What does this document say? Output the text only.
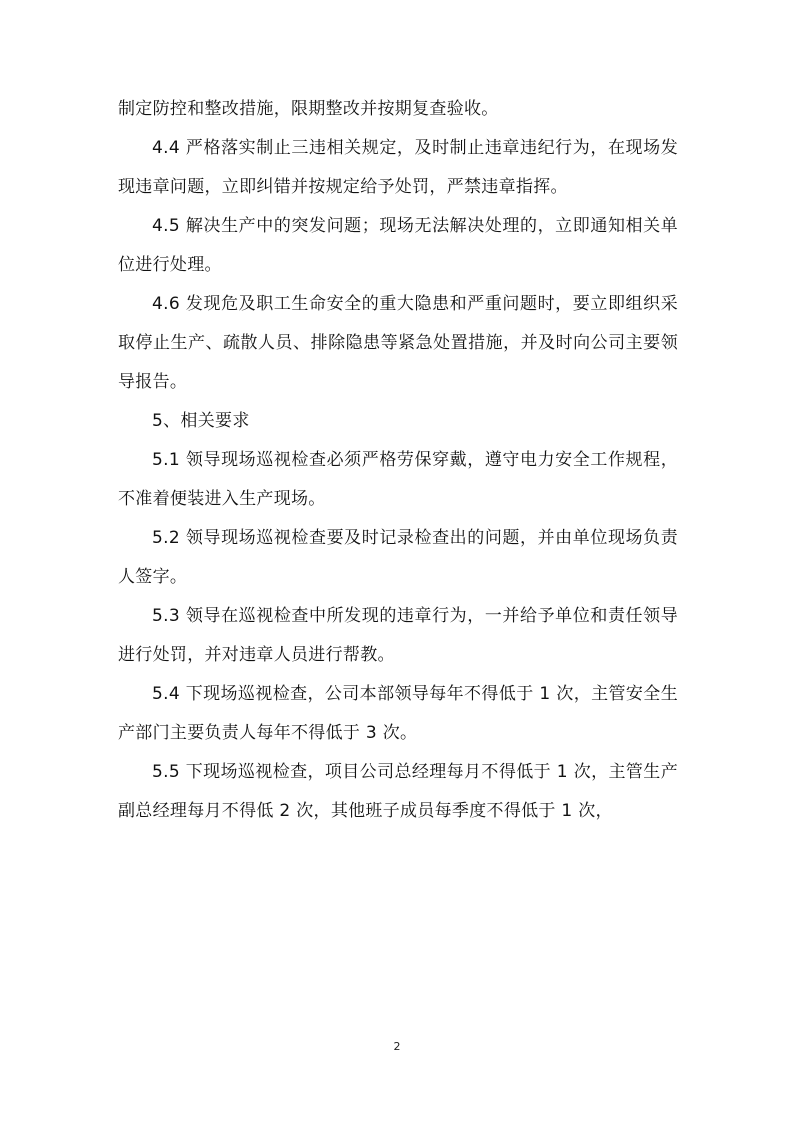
制定防控和整改措施，限期整改并按期复查验收。

4.4 严格落实制止三违相关规定，及时制止违章违纪行为，在现场发现违章问题，立即纠错并按规定给予处罚，严禁违章指挥。

4.5 解决生产中的突发问题；现场无法解决处理的，立即通知相关单位进行处理。

4.6 发现危及职工生命安全的重大隐患和严重问题时，要立即组织采取停止生产、疏散人员、排除隐患等紧急处置措施，并及时向公司主要领导报告。

5、相关要求

5.1 领导现场巡视检查必须严格劳保穿戴，遵守电力安全工作规程，不准着便装进入生产现场。

5.2 领导现场巡视检查要及时记录检查出的问题，并由单位现场负责人签字。

5.3 领导在巡视检查中所发现的违章行为，一并给予单位和责任领导进行处罚，并对违章人员进行帮教。

5.4 下现场巡视检查，公司本部领导每年不得低于 1 次，主管安全生产部门主要负责人每年不得低于 3 次。

5.5 下现场巡视检查，项目公司总经理每月不得低于 1 次，主管生产副总经理每月不得低 2 次，其他班子成员每季度不得低于 1 次，

2
